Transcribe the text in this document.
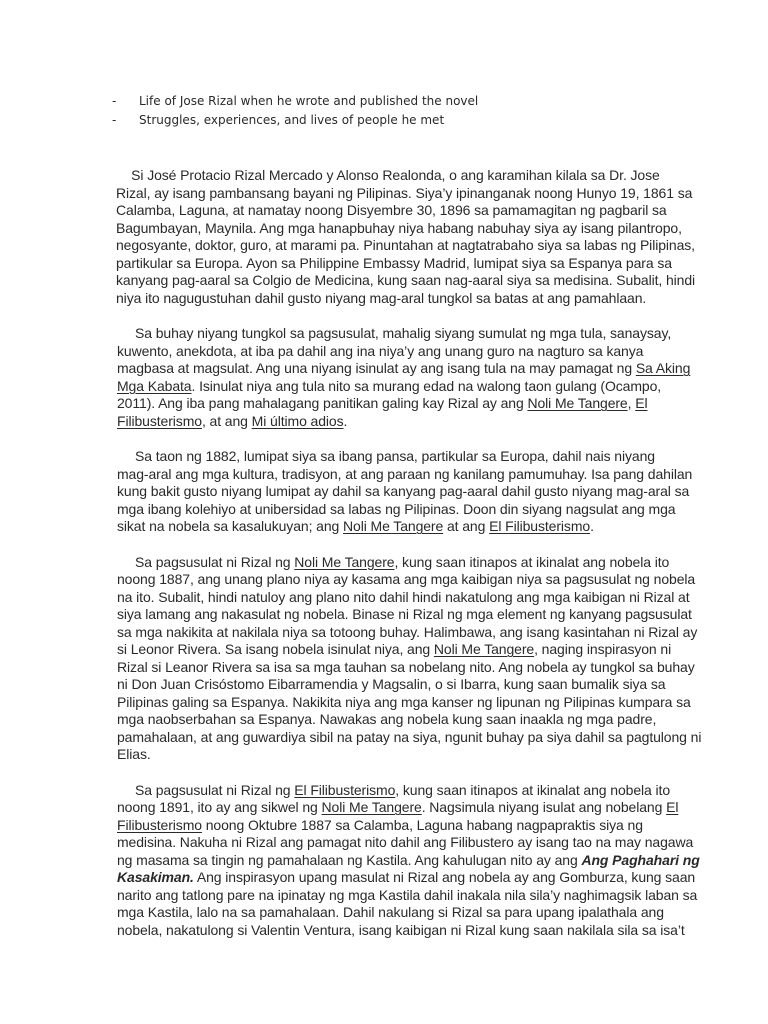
- Life of Jose Rizal when he wrote and published the novel
- Struggles, experiences, and lives of people he met

Si José Protacio Rizal Mercado y Alonso Realonda, o ang karamihan kilala sa Dr. Jose
Rizal, ay isang pambansang bayani ng Pilipinas. Siya’y ipinanganak noong Hunyo 19, 1861 sa
Calamba, Laguna, at namatay noong Disyembre 30, 1896 sa pamamagitan ng pagbaril sa
Bagumbayan, Maynila. Ang mga hanapbuhay niya habang nabuhay siya ay isang pilantropo,
negosyante, doktor, guro, at marami pa. Pinuntahan at nagtatrabaho siya sa labas ng Pilipinas,
partikular sa Europa. Ayon sa Philippine Embassy Madrid, lumipat siya sa Espanya para sa
kanyang pag-aaral sa Colgio de Medicina, kung saan nag-aaral siya sa medisina. Subalit, hindi
niya ito nagugustuhan dahil gusto niyang mag-aral tungkol sa batas at ang pamahlaan.

Sa buhay niyang tungkol sa pagsusulat, mahalig siyang sumulat ng mga tula, sanaysay,
kuwento, anekdota, at iba pa dahil ang ina niya’y ang unang guro na nagturo sa kanya
magbasa at magsulat. Ang una niyang isinulat ay ang isang tula na may pamagat ng Sa Aking
Mga Kabata. Isinulat niya ang tula nito sa murang edad na walong taon gulang (Ocampo,
2011). Ang iba pang mahalagang panitikan galing kay Rizal ay ang Noli Me Tangere, El
Filibusterismo, at ang Mi último adios.

Sa taon ng 1882, lumipat siya sa ibang pansa, partikular sa Europa, dahil nais niyang
mag-aral ang mga kultura, tradisyon, at ang paraan ng kanilang pamumuhay. Isa pang dahilan
kung bakit gusto niyang lumipat ay dahil sa kanyang pag-aaral dahil gusto niyang mag-aral sa
mga ibang kolehiyo at unibersidad sa labas ng Pilipinas. Doon din siyang nagsulat ang mga
sikat na nobela sa kasalukuyan; ang Noli Me Tangere at ang El Filibusterismo.

Sa pagsusulat ni Rizal ng Noli Me Tangere, kung saan itinapos at ikinalat ang nobela ito
noong 1887, ang unang plano niya ay kasama ang mga kaibigan niya sa pagsusulat ng nobela
na ito. Subalit, hindi natuloy ang plano nito dahil hindi nakatulong ang mga kaibigan ni Rizal at
siya lamang ang nakasulat ng nobela. Binase ni Rizal ng mga element ng kanyang pagsusulat
sa mga nakikita at nakilala niya sa totoong buhay. Halimbawa, ang isang kasintahan ni Rizal ay
si Leonor Rivera. Sa isang nobela isinulat niya, ang Noli Me Tangere, naging inspirasyon ni
Rizal si Leanor Rivera sa isa sa mga tauhan sa nobelang nito. Ang nobela ay tungkol sa buhay
ni Don Juan Crisóstomo Eibarramendia y Magsalin, o si Ibarra, kung saan bumalik siya sa
Pilipinas galing sa Espanya. Nakikita niya ang mga kanser ng lipunan ng Pilipinas kumpara sa
mga naobserbahan sa Espanya. Nawakas ang nobela kung saan inaakla ng mga padre,
pamahalaan, at ang guwardiya sibil na patay na siya, ngunit buhay pa siya dahil sa pagtulong ni
Elias.

Sa pagsusulat ni Rizal ng El Filibusterismo, kung saan itinapos at ikinalat ang nobela ito
noong 1891, ito ay ang sikwel ng Noli Me Tangere. Nagsimula niyang isulat ang nobelang El
Filibusterismo noong Oktubre 1887 sa Calamba, Laguna habang nagpapraktis siya ng
medisina. Nakuha ni Rizal ang pamagat nito dahil ang Filibustero ay isang tao na may nagawa
ng masama sa tingin ng pamahalaan ng Kastila. Ang kahulugan nito ay ang Ang Paghahari ng
Kasakiman. Ang inspirasyon upang masulat ni Rizal ang nobela ay ang Gomburza, kung saan
narito ang tatlong pare na ipinatay ng mga Kastila dahil inakala nila sila’y naghimagsik laban sa
mga Kastila, lalo na sa pamahalaan. Dahil nakulang si Rizal sa para upang ipalathala ang
nobela, nakatulong si Valentin Ventura, isang kaibigan ni Rizal kung saan nakilala sila sa isa’t
